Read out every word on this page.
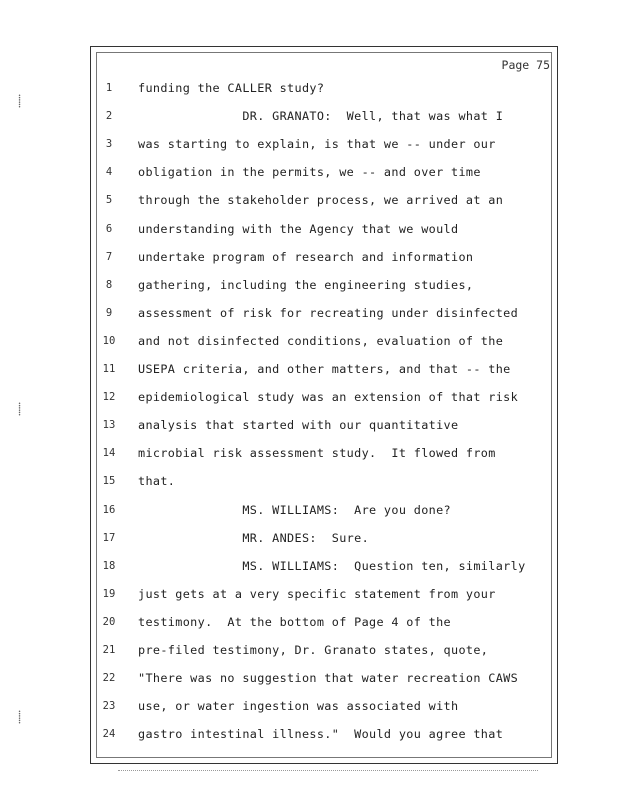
Page 75
1	funding the CALLER study?
2	DR. GRANATO:  Well, that was what I
3	was starting to explain, is that we -- under our
4	obligation in the permits, we -- and over time
5	through the stakeholder process, we arrived at an
6	understanding with the Agency that we would
7	undertake program of research and information
8	gathering, including the engineering studies,
9	assessment of risk for recreating under disinfected
10	and not disinfected conditions, evaluation of the
11	USEPA criteria, and other matters, and that -- the
12	epidemiological study was an extension of that risk
13	analysis that started with our quantitative
14	microbial risk assessment study.  It flowed from
15	that.
16	MS. WILLIAMS:  Are you done?
17	MR. ANDES:  Sure.
18	MS. WILLIAMS:  Question ten, similarly
19	just gets at a very specific statement from your
20	testimony.  At the bottom of Page 4 of the
21	pre-filed testimony, Dr. Granato states, quote,
22	"There was no suggestion that water recreation CAWS
23	use, or water ingestion was associated with
24	gastro intestinal illness."  Would you agree that
⸽
⸽
⸽
